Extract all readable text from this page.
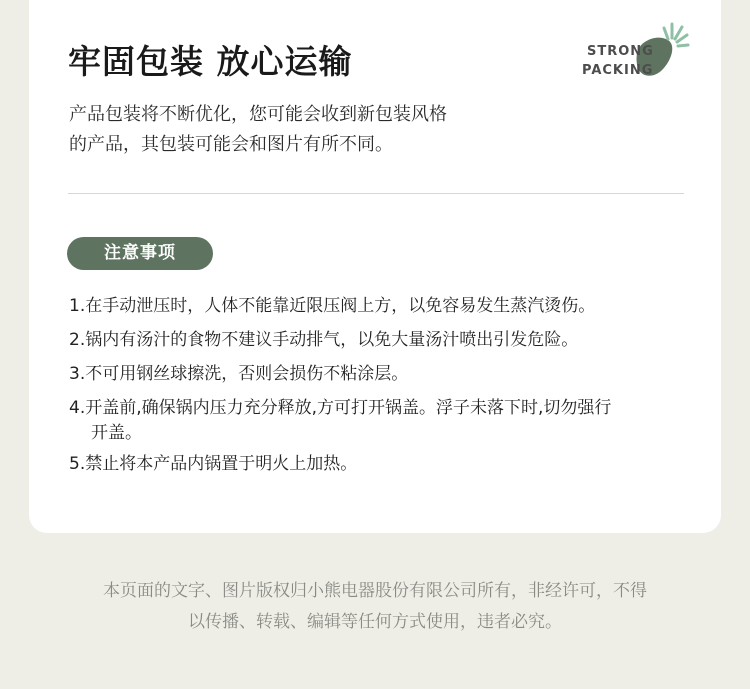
牢固包装 放心运输	STRONG
PACKING
产品包装将不断优化，您可能会收到新包装风格
的产品，其包装可能会和图片有所不同。
注意事项
1.在手动泄压时，人体不能靠近限压阀上方，以免容易发生蒸汽烫伤。
2.锅内有汤汁的食物不建议手动排气，以免大量汤汁喷出引发危险。
3.不可用钢丝球擦洗，否则会损伤不粘涂层。
4.开盖前,确保锅内压力充分释放,方可打开锅盖。浮子未落下时,切勿强行
开盖。
5.禁止将本产品内锅置于明火上加热。
本页面的文字、图片版权归小熊电器股份有限公司所有，非经许可，不得
以传播、转载、编辑等任何方式使用，违者必究。
